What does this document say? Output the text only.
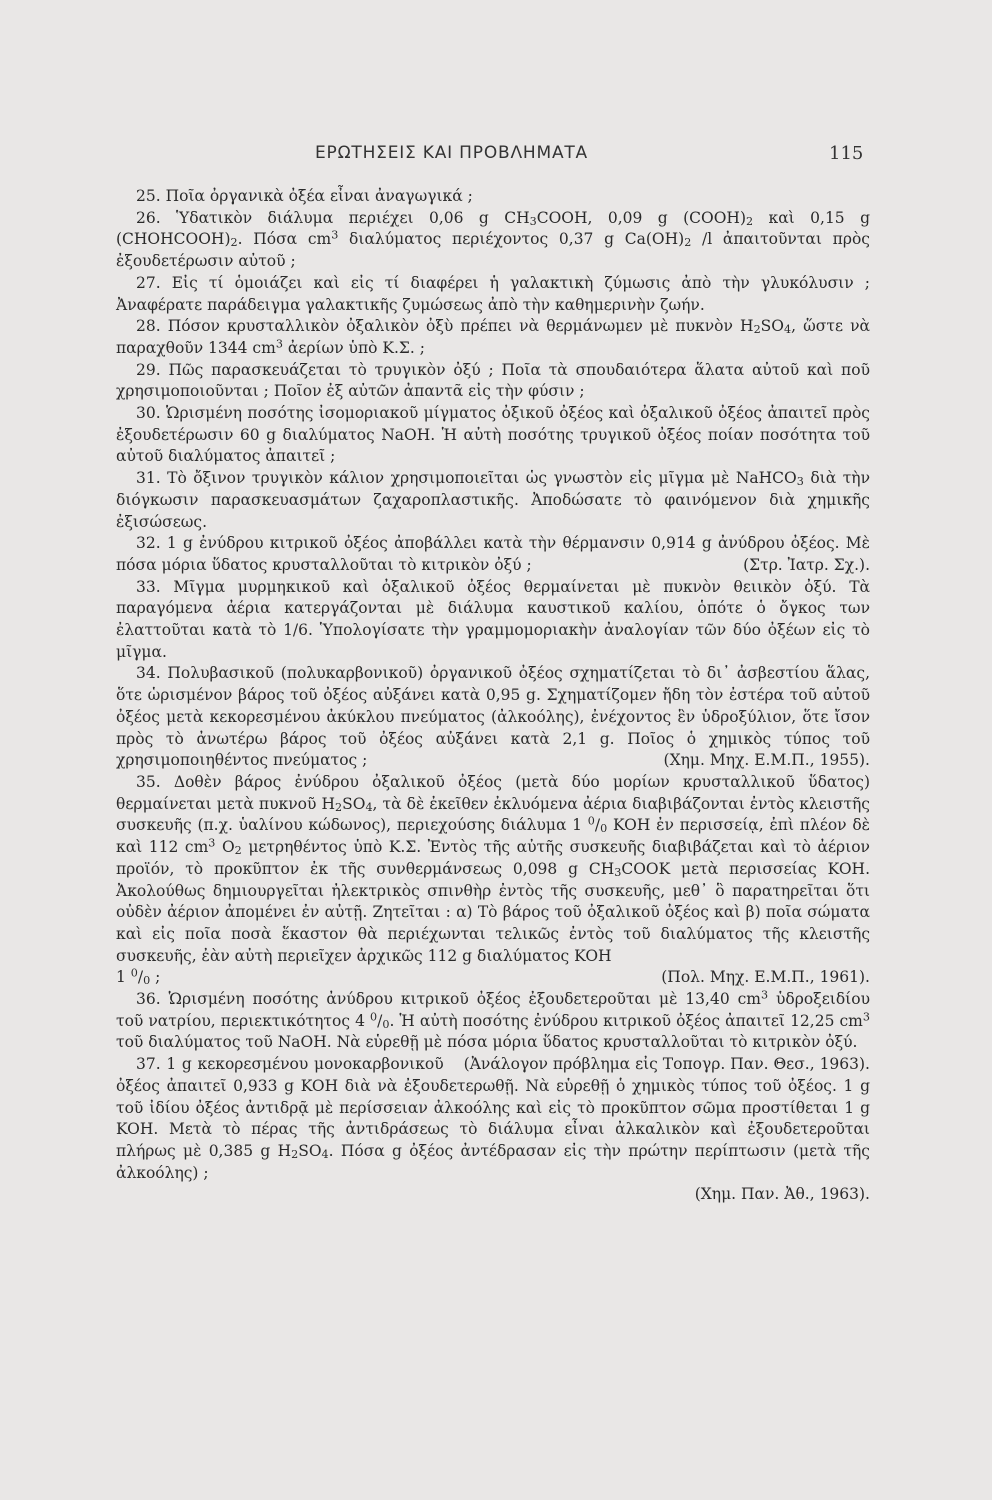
ΕΡΩΤΗΣΕΙΣ ΚΑΙ ΠΡΟΒΛΗΜΑΤΑ	115

25. Ποῖα ὀργανικὰ ὀξέα εἶναι ἀναγωγικά ;

26. Ὑδατικὸν διάλυμα περιέχει 0,06 g $CH_3COOH$, 0,09 g $(COOH)_2$ καὶ 0,15 g $(CHOHCOOH)_2$. Πόσα $cm^3$ διαλύματος περιέχοντος 0,37 g $Ca(OH)_2$ /l ἀπαιτοῦνται πρὸς ἐξουδετέρωσιν αὐτοῦ ;

27. Εἰς τί ὁμοιάζει καὶ εἰς τί διαφέρει ἡ γαλακτικὴ ζύμωσις ἀπὸ τὴν γλυκόλυσιν ; Ἀναφέρατε παράδειγμα γαλακτικῆς ζυμώσεως ἀπὸ τὴν καθημερινὴν ζωήν.

28. Πόσον κρυσταλλικὸν ὀξαλικὸν ὀξὺ πρέπει νὰ θερμάνωμεν μὲ πυκνὸν $H_2SO_4$, ὥστε νὰ παραχθοῦν 1344 $cm^3$ ἀερίων ὑπὸ Κ.Σ. ;

29. Πῶς παρασκευάζεται τὸ τρυγικὸν ὀξύ ; Ποῖα τὰ σπουδαιότερα ἅλατα αὐτοῦ καὶ ποῦ χρησιμοποιοῦνται ; Ποῖον ἐξ αὐτῶν ἀπαντᾶ εἰς τὴν φύσιν ;

30. Ὡρισμένη ποσότης ἰσομοριακοῦ μίγματος ὀξικοῦ ὀξέος καὶ ὀξαλικοῦ ὀξέος ἀπαιτεῖ πρὸς ἐξουδετέρωσιν 60 g διαλύματος NaOH. Ἡ αὐτὴ ποσότης τρυγικοῦ ὀξέος ποίαν ποσότητα τοῦ αὐτοῦ διαλύματος ἀπαιτεῖ ;

31. Τὸ ὄξινον τρυγικὸν κάλιον χρησιμοποιεῖται ὡς γνωστὸν εἰς μῖγμα μὲ NaHCO$_3$ διὰ τὴν διόγκωσιν παρασκευασμάτων ζαχαροπλαστικῆς. Ἀποδώσατε τὸ φαινόμενον διὰ χημικῆς ἐξισώσεως.

32. 1 g ἐνύδρου κιτρικοῦ ὀξέος ἀποβάλλει κατὰ τὴν θέρμανσιν 0,914 g ἀνύδρου ὀξέος. Μὲ πόσα μόρια ὕδατος κρυσταλλοῦται τὸ κιτρικὸν ὀξύ ;	(Στρ. Ἰατρ. Σχ.).

33. Μῖγμα μυρμηκικοῦ καὶ ὀξαλικοῦ ὀξέος θερμαίνεται μὲ πυκνὸν θειικὸν ὀξύ. Τὰ παραγόμενα ἀέρια κατεργάζονται μὲ διάλυμα καυστικοῦ καλίου, ὁπότε ὁ ὄγκος των ἐλαττοῦται κατὰ τὸ 1/6. Ὑπολογίσατε τὴν γραμμομοριακὴν ἀναλογίαν τῶν δύο ὀξέων εἰς τὸ μῖγμα.

34. Πολυβασικοῦ (πολυκαρβονικοῦ) ὀργανικοῦ ὀξέος σχηματίζεται τὸ δι᾽ ἀσβεστίου ἅλας, ὅτε ὡρισμένον βάρος τοῦ ὀξέος αὐξάνει κατὰ 0,95 g. Σχηματίζομεν ἤδη τὸν ἐστέρα τοῦ αὐτοῦ ὀξέος μετὰ κεκορεσμένου ἀκύκλου πνεύματος (ἀλκοόλης), ἐνέχοντος ἓν ὑδροξύλιον, ὅτε ἴσον πρὸς τὸ ἀνωτέρω βάρος τοῦ ὀξέος αὐξάνει κατὰ 2,1 g. Ποῖος ὁ χημικὸς τύπος τοῦ χρησιμοποιηθέντος πνεύματος ;	(Χημ. Μηχ. Ε.Μ.Π., 1955).

35. Δοθὲν βάρος ἐνύδρου ὀξαλικοῦ ὀξέος (μετὰ δύο μορίων κρυσταλλικοῦ ὕδατος) θερμαίνεται μετὰ πυκνοῦ $H_2SO_4$, τὰ δὲ ἐκεῖθεν ἐκλυόμενα ἀέρια διαβιβάζονται ἐντὸς κλειστῆς συσκευῆς (π.χ. ὑαλίνου κώδωνος), περιεχούσης διάλυμα 1 $^0/_0$ KOH ἐν περισσείᾳ, ἐπὶ πλέον δὲ καὶ 112 $cm^3$ $O_2$ μετρηθέντος ὑπὸ Κ.Σ. Ἐντὸς τῆς αὐτῆς συσκευῆς διαβιβάζεται καὶ τὸ ἀέριον προϊόν, τὸ προκῦπτον ἐκ τῆς συνθερμάνσεως 0,098 g $CH_3COOK$ μετὰ περισσείας KOH. Ἀκολούθως δημιουργεῖται ἠλεκτρικὸς σπινθὴρ ἐντὸς τῆς συσκευῆς, μεθ᾽ ὃ παρατηρεῖται ὅτι οὐδὲν ἀέριον ἀπομένει ἐν αὐτῇ. Ζητεῖται : α) Τὸ βάρος τοῦ ὀξαλικοῦ ὀξέος καὶ β) ποῖα σώματα καὶ εἰς ποῖα ποσὰ ἕκαστον θὰ περιέχωνται τελικῶς ἐντὸς τοῦ διαλύματος τῆς κλειστῆς συσκευῆς, ἐὰν αὐτὴ περιεῖχεν ἀρχικῶς 112 g διαλύματος KOH

1 $^0/_0$ ;	(Πολ. Μηχ. Ε.Μ.Π., 1961).

36. Ὡρισμένη ποσότης ἀνύδρου κιτρικοῦ ὀξέος ἐξουδετεροῦται μὲ 13,40 $cm^3$ ὑδροξειδίου τοῦ νατρίου, περιεκτικότητος 4 $^0/_0$. Ἡ αὐτὴ ποσότης ἐνύδρου κιτρικοῦ ὀξέος ἀπαιτεῖ 12,25 $cm^3$ τοῦ διαλύματος τοῦ NaOH. Νὰ εὑρεθῇ μὲ πόσα μόρια ὕδατος κρυσταλλοῦται τὸ κιτρικὸν ὀξύ.
(Ἀνάλογον πρόβλημα εἰς Τοπογρ. Παν. Θεσ., 1963).

37. 1 g κεκορεσμένου μονοκαρβονικοῦ ὀξέος ἀπαιτεῖ 0,933 g KOH διὰ νὰ ἐξουδετερωθῇ. Νὰ εὑρεθῇ ὁ χημικὸς τύπος τοῦ ὀξέος. 1 g τοῦ ἰδίου ὀξέος ἀντιδρᾷ μὲ περίσσειαν ἀλκοόλης καὶ εἰς τὸ προκῦπτον σῶμα προστίθεται 1 g KOH. Μετὰ τὸ πέρας τῆς ἀντιδράσεως τὸ διάλυμα εἶναι ἀλκαλικὸν καὶ ἐξουδετεροῦται πλήρως μὲ 0,385 g $H_2SO_4$. Πόσα g ὀξέος ἀντέδρασαν εἰς τὴν πρώτην περίπτωσιν (μετὰ τῆς ἀλκοόλης) ;

(Χημ. Παν. Ἀθ., 1963).
